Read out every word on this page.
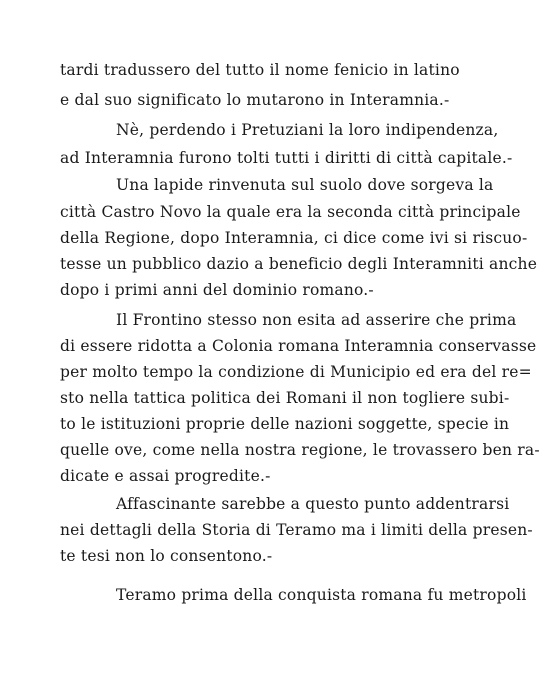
tardi tradussero del tutto il nome fenicio in latino
e dal suo significato lo mutarono in Interamnia.-
Nè, perdendo i Pretuziani la loro indipendenza,
ad Interamnia furono tolti tutti i diritti di città capitale.-
Una lapide rinvenuta sul suolo dove sorgeva la
città Castro Novo la quale era la seconda città principale
della Regione, dopo Interamnia, ci dice come ivi si riscuo-
tesse un pubblico dazio a beneficio degli Interamniti anche
dopo i primi anni del dominio romano.-
Il Frontino stesso non esita ad asserire che prima
di essere ridotta a Colonia romana Interamnia conservasse
per molto tempo la condizione di Municipio ed era del re=
sto nella tattica politica dei Romani il non togliere subi-
to le istituzioni proprie delle nazioni soggette, specie in
quelle ove, come nella nostra regione, le trovassero ben ra-
dicate e assai progredite.-
Affascinante sarebbe a questo punto addentrarsi
nei dettagli della Storia di Teramo ma i limiti della presen-
te tesi non lo consentono.-
Teramo prima della conquista romana fu metropoli
